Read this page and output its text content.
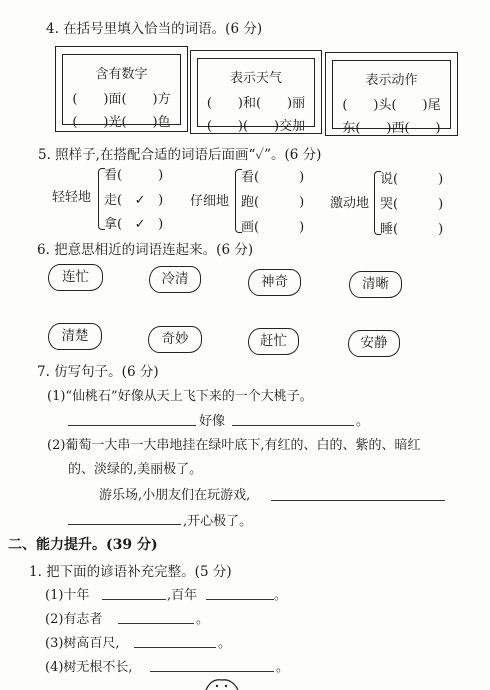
4. 在括号里填入恰当的词语。(6 分)
含有数字
(　　)面(　　)方
(　　)光(　　)色
表示天气
(　　)和(　　)丽
(　　)(　　)交加
表示动作
(　　)头(　　)尾
东(　　)西(　　)
5. 照样子,在搭配合适的词语后面画“✓”。(6 分)
轻轻地
看(	)
走( ✓ )
拿( ✓ )
仔细地
看(	)
跑(	)
画(	)
激动地
说(	)
哭(	)
睡(	)
6. 把意思相近的词语连起来。(6 分)
连忙	冷清	神奇	清晰
清楚	奇妙	赶忙	安静
7. 仿写句子。(6 分)
(1)“仙桃石”好像从天上飞下来的一个大桃子。
好像	。
(2)葡萄一大串一大串地挂在绿叶底下,有红的、白的、紫的、暗红
的、淡绿的,美丽极了。
游乐场,小朋友们在玩游戏,
,开心极了。
二、能力提升。(39 分)
1. 把下面的谚语补充完整。(5 分)
(1)十年	,百年	。
(2)有志者	。
(3)树高百尺,	。
(4)树无根不长,	。
